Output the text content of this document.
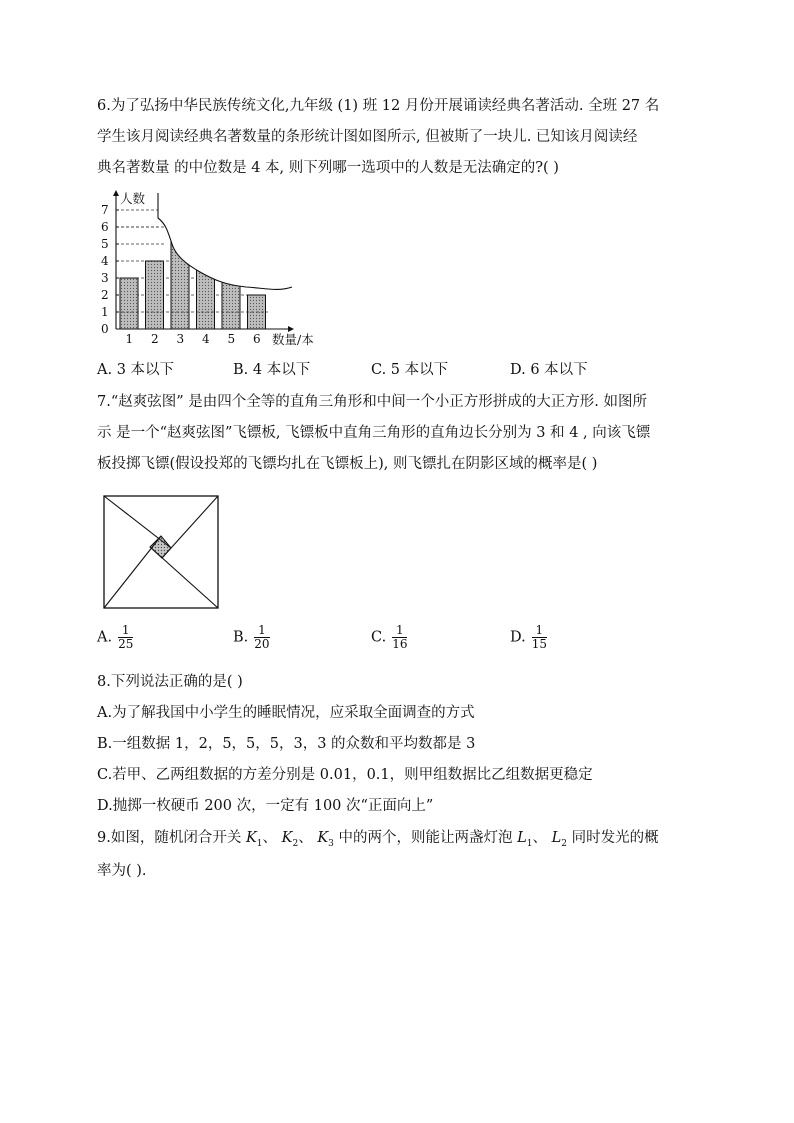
6.为了弘扬中华民族传统文化,九年级 (1) 班 12 月份开展诵读经典名著活动. 全班 27 名
学生该月阅读经典名著数量的条形统计图如图所示, 但被斯了一块儿. 已知该月阅读经
典名著数量 的中位数是 4 本, 则下列哪一选项中的人数是无法确定的?( )
0
1
2
3
4
5
6
7
1 2 3 4 5 6
人数
数量/本
A. 3 本以下	B. 4 本以下	C. 5 本以下	D. 6 本以下
7.“赵爽弦图” 是由四个全等的直角三角形和中间一个小正方形拼成的大正方形. 如图所
示 是一个“赵爽弦图”飞镖板, 飞镖板中直角三角形的直角边长分别为 3 和 4 , 向该飞镖
板投掷飞镖(假设投郑的飞镖均扎在飞镖板上), 则飞镖扎在阴影区域的概率是( )
A. $\frac{1}{25}$	B. $\frac{1}{20}$	C. $\frac{1}{16}$	D. $\frac{1}{15}$
8.下列说法正确的是( )
A.为了解我国中小学生的睡眠情况，应采取全面调查的方式
B.一组数据 1，2，5，5，5，3，3 的众数和平均数都是 3
C.若甲、乙两组数据的方差分别是 0.01，0.1，则甲组数据比乙组数据更稳定
D.抛掷一枚硬币 200 次，一定有 100 次“正面向上”
9.如图，随机闭合开关 $K_1$、 $K_2$、 $K_3$ 中的两个，则能让两盏灯泡 $L_1$、 $L_2$ 同时发光的概
率为( ).
